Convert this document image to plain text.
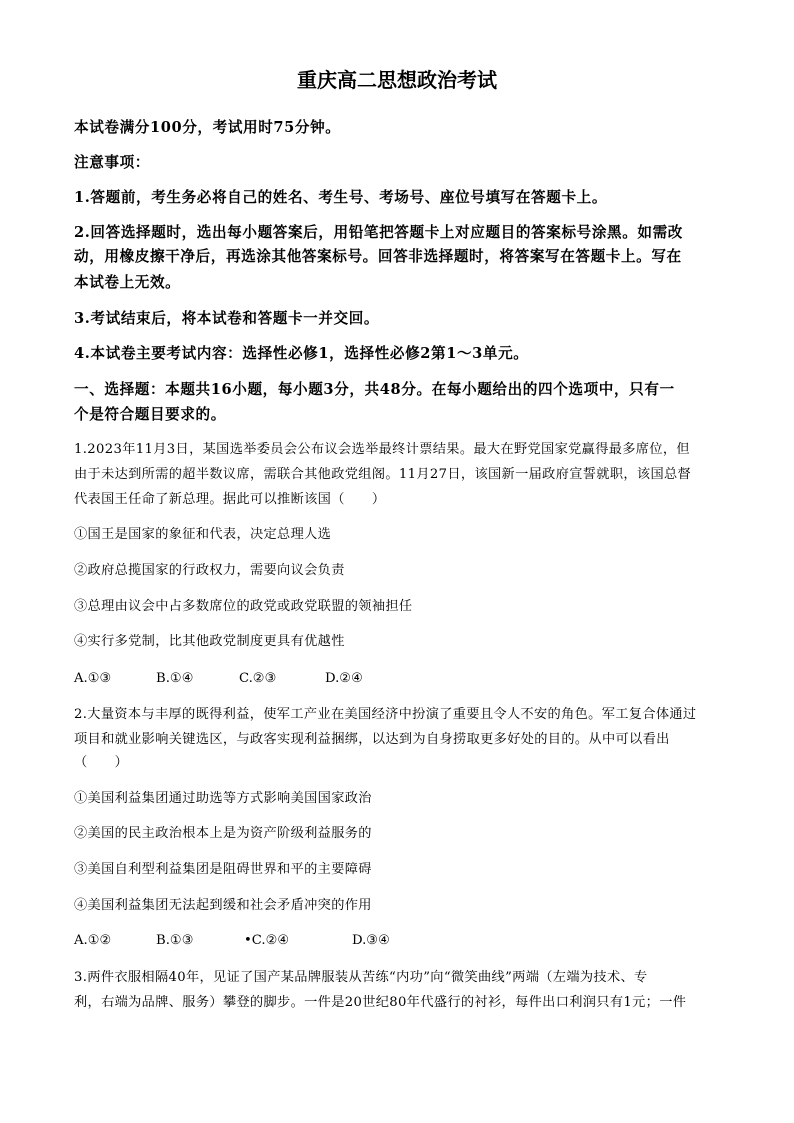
重庆高二思想政治考试
本试卷满分100分，考试用时75分钟。
注意事项：
1.答题前，考生务必将自己的姓名、考生号、考场号、座位号填写在答题卡上。
2.回答选择题时，选出每小题答案后，用铅笔把答题卡上对应题目的答案标号涂黑。如需改
动，用橡皮擦干净后，再选涂其他答案标号。回答非选择题时，将答案写在答题卡上。写在
本试卷上无效。
3.考试结束后，将本试卷和答题卡一并交回。
4.本试卷主要考试内容：选择性必修1，选择性必修2第1～3单元。
一、选择题：本题共16小题，每小题3分，共48分。在每小题给出的四个选项中，只有一
个是符合题目要求的。
1.2023年11月3日，某国选举委员会公布议会选举最终计票结果。最大在野党国家党赢得最多席位，但
由于未达到所需的超半数议席，需联合其他政党组阁。11月27日，该国新一届政府宣誓就职，该国总督
代表国王任命了新总理。据此可以推断该国（　　）
①国王是国家的象征和代表，决定总理人选
②政府总揽国家的行政权力，需要向议会负责
③总理由议会中占多数席位的政党或政党联盟的领袖担任
④实行多党制，比其他政党制度更具有优越性
A.①③	B.①④	C.②③	D.②④
2.大量资本与丰厚的既得利益，使军工产业在美国经济中扮演了重要且令人不安的角色。军工复合体通过
项目和就业影响关键选区，与政客实现利益捆绑，以达到为自身捞取更多好处的目的。从中可以看出
（　　）
①美国利益集团通过助选等方式影响美国国家政治
②美国的民主政治根本上是为资产阶级利益服务的
③美国自利型利益集团是阻碍世界和平的主要障碍
④美国利益集团无法起到缓和社会矛盾冲突的作用
A.①②	B.①③	•C.②④	D.③④
3.两件衣服相隔40年，见证了国产某品牌服装从苦练“内功”向“微笑曲线”两端（左端为技术、专
利，右端为品牌、服务）攀登的脚步。一件是20世纪80年代盛行的衬衫，每件出口利润只有1元；一件
